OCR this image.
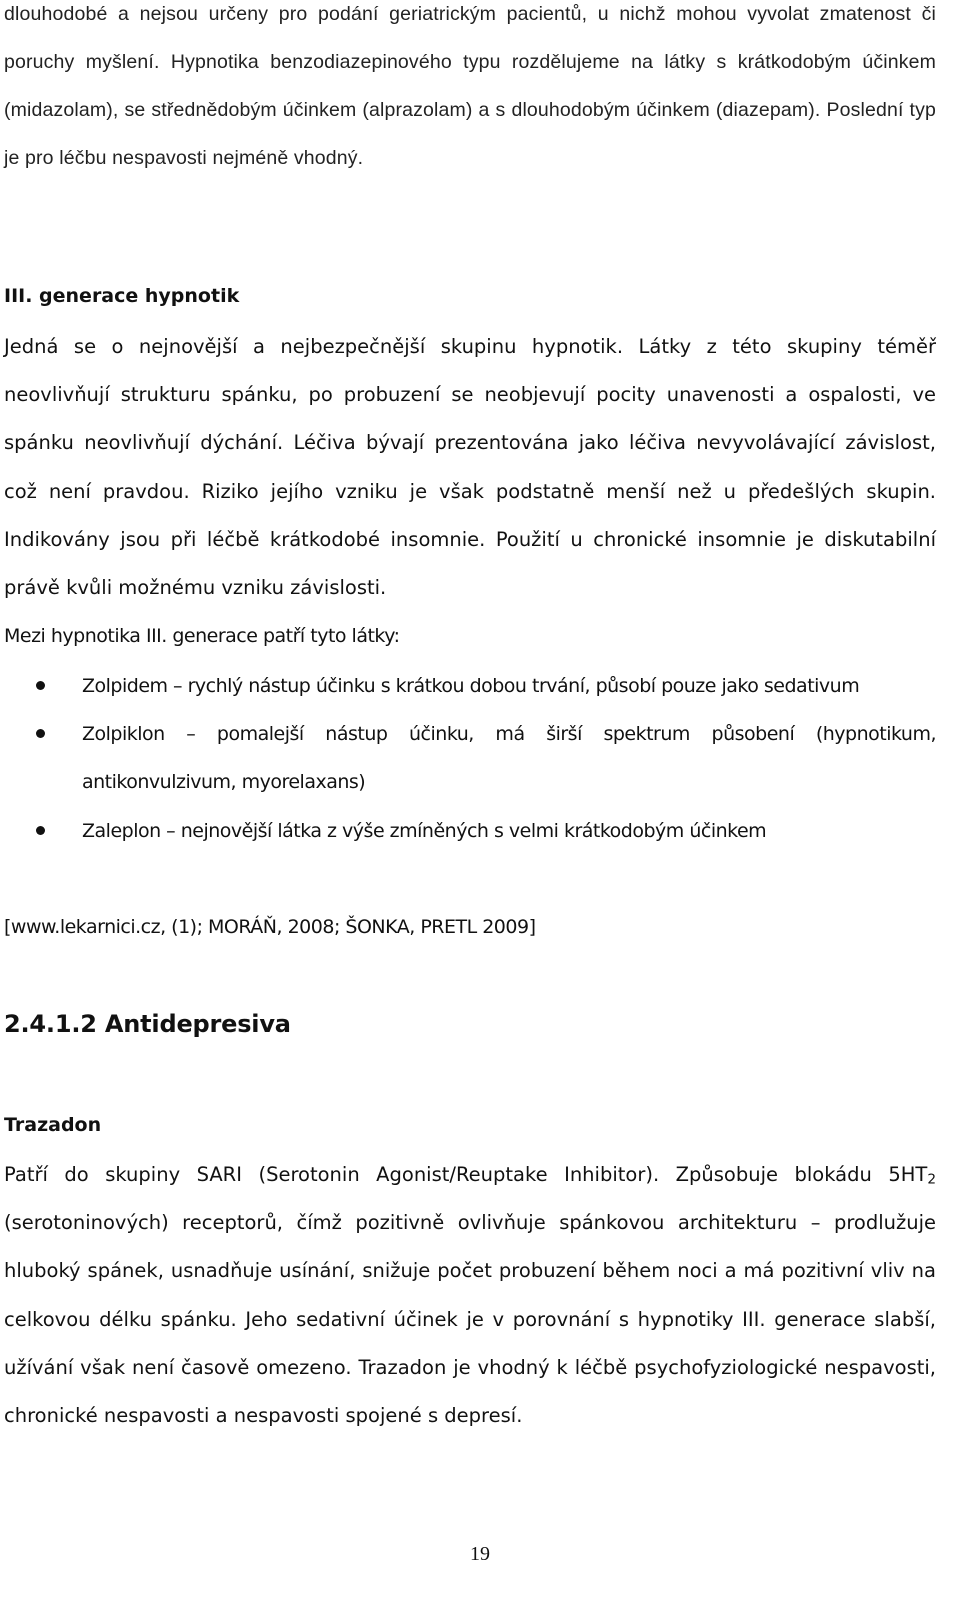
dlouhodobé a nejsou určeny pro podání geriatrickým pacientů, u nichž mohou vyvolat zmatenost či poruchy myšlení. Hypnotika benzodiazepinového typu rozdělujeme na látky s krátkodobým účinkem (midazolam), se střednědobým účinkem (alprazolam) a s dlouhodobým účinkem (diazepam). Poslední typ je pro léčbu nespavosti nejméně vhodný.

III. generace hypnotik

Jedná se o nejnovější a nejbezpečnější skupinu hypnotik. Látky z této skupiny téměř neovlivňují strukturu spánku, po probuzení se neobjevují pocity unavenosti a ospalosti, ve spánku neovlivňují dýchání. Léčiva bývají prezentována jako léčiva nevyvolávající závislost, což není pravdou. Riziko jejího vzniku je však podstatně menší než u předešlých skupin. Indikovány jsou při léčbě krátkodobé insomnie. Použití u chronické insomnie je diskutabilní právě kvůli možnému vzniku závislosti.

Mezi hypnotika III. generace patří tyto látky:

Zolpidem – rychlý nástup účinku s krátkou dobou trvání, působí pouze jako sedativum
Zolpiklon – pomalejší nástup účinku, má širší spektrum působení (hypnotikum, antikonvulzivum, myorelaxans)
Zaleplon – nejnovější látka z výše zmíněných s velmi krátkodobým účinkem

[www.lekarnici.cz, (1); MORÁŇ, 2008; ŠONKA, PRETL 2009]

2.4.1.2 Antidepresiva
Trazadon

Patří do skupiny SARI (Serotonin Agonist/Reuptake Inhibitor). Způsobuje blokádu $5HT_2$ (serotoninových) receptorů, čímž pozitivně ovlivňuje spánkovou architekturu – prodlužuje hluboký spánek, usnadňuje usínání, snižuje počet probuzení během noci a má pozitivní vliv na celkovou délku spánku. Jeho sedativní účinek je v porovnání s hypnotiky III. generace slabší, užívání však není časově omezeno. Trazadon je vhodný k léčbě psychofyziologické nespavosti, chronické nespavosti a nespavosti spojené s depresí.

19
